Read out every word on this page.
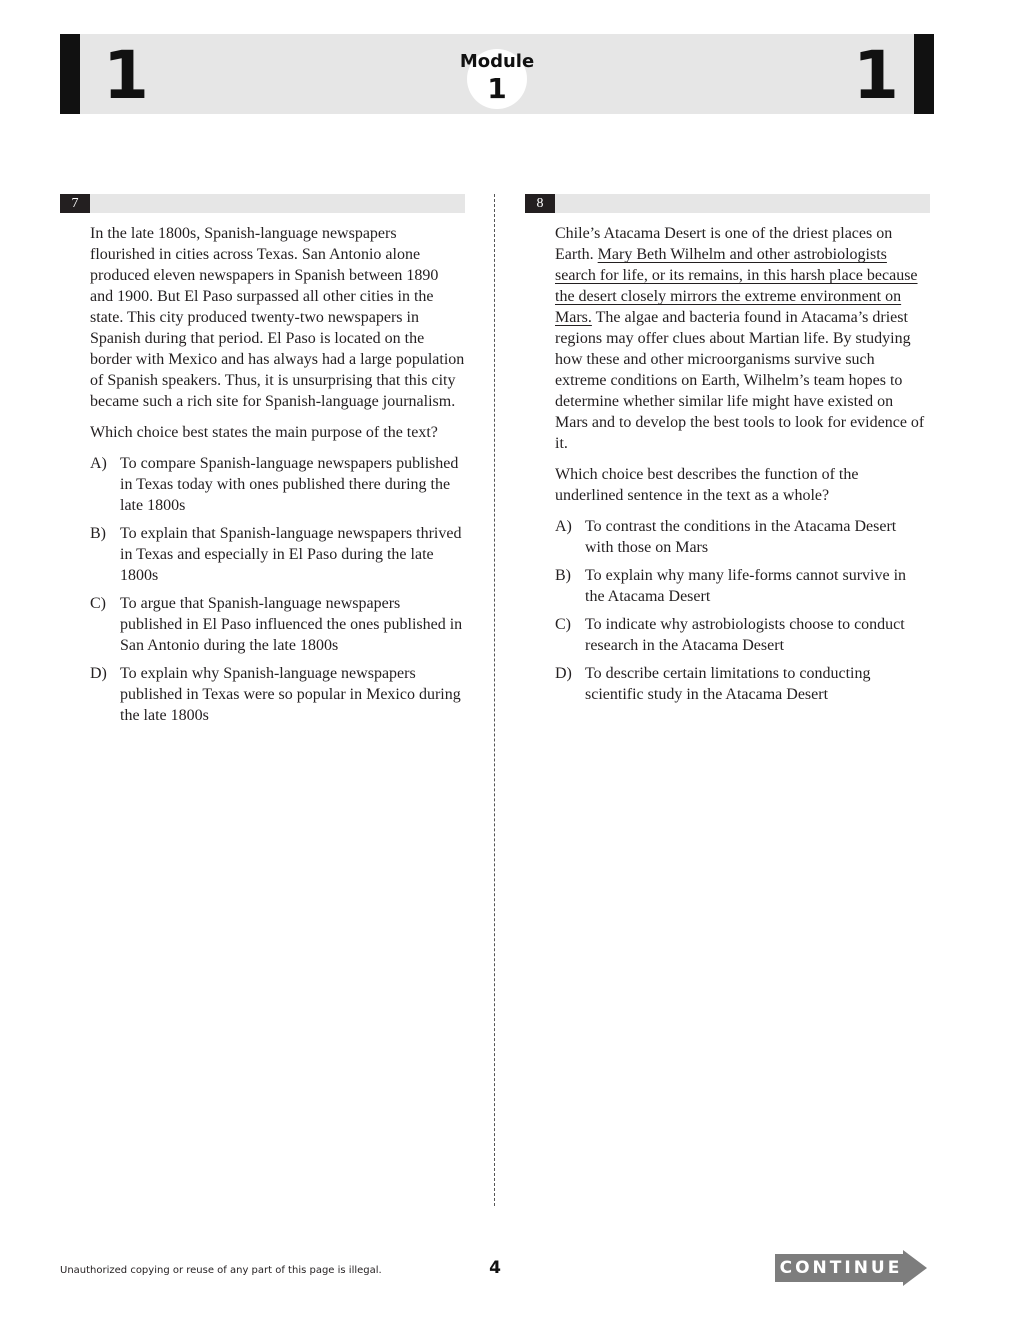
1	1
Module
1
7	8

In the late 1800s, Spanish-language newspapers flourished in cities across Texas. San Antonio alone produced eleven newspapers in Spanish between 1890 and 1900. But El Paso surpassed all other cities in the state. This city produced twenty-two newspapers in Spanish during that period. El Paso is located on the border with Mexico and has always had a large population of Spanish speakers. Thus, it is unsurprising that this city became such a rich site for Spanish-language journalism.

Which choice best states the main purpose of the text?

A) To compare Spanish-language newspapers published in Texas today with ones published there during the late 1800s
B) To explain that Spanish-language newspapers thrived in Texas and especially in El Paso during the late 1800s
C) To argue that Spanish-language newspapers published in El Paso influenced the ones published in San Antonio during the late 1800s
D) To explain why Spanish-language newspapers published in Texas were so popular in Mexico during the late 1800s

Chile’s Atacama Desert is one of the driest places on Earth. Mary Beth Wilhelm and other astrobiologists search for life, or its remains, in this harsh place because the desert closely mirrors the extreme environment on Mars. The algae and bacteria found in Atacama’s driest regions may offer clues about Martian life. By studying how these and other microorganisms survive such extreme conditions on Earth, Wilhelm’s team hopes to determine whether similar life might have existed on Mars and to develop the best tools to look for evidence of it.

Which choice best describes the function of the underlined sentence in the text as a whole?

A) To contrast the conditions in the Atacama Desert with those on Mars
B) To explain why many life-forms cannot survive in the Atacama Desert
C) To indicate why astrobiologists choose to conduct research in the Atacama Desert
D) To describe certain limitations to conducting scientific study in the Atacama Desert
Unauthorized copying or reuse of any part of this page is illegal.	4	CONTINUE
